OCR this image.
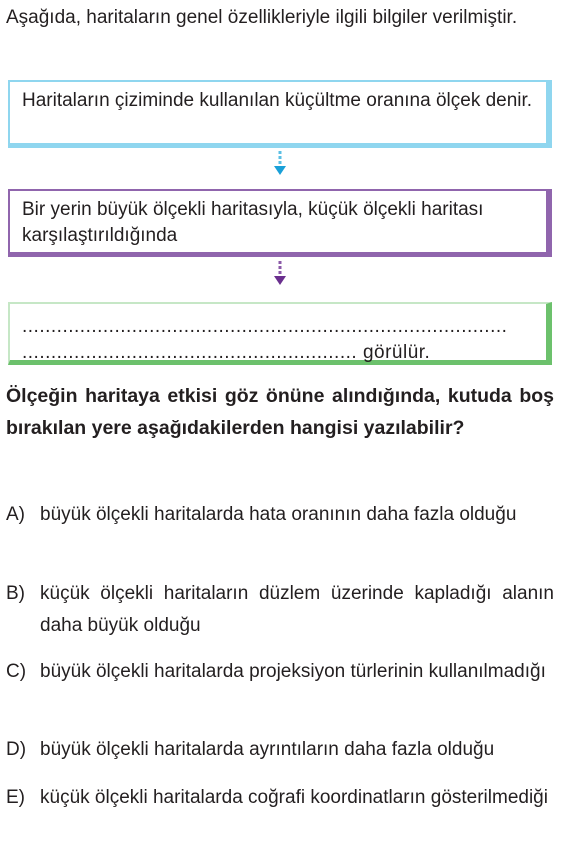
Aşağıda, haritaların genel özellikleriyle ilgili bilgiler verilmiştir.
Haritaların çiziminde kullanılan küçültme oranına ölçek denir.
Bir yerin büyük ölçekli haritasıyla, küçük ölçekli haritası karşılaştırıldığında
....................................................................................
.......................................................... görülür.
Ölçeğin haritaya etkisi göz önüne alındığında, kutuda boş bırakılan yere aşağıdakilerden hangisi yazılabilir?
A) büyük ölçekli haritalarda hata oranının daha fazla olduğu
B) küçük ölçekli haritaların düzlem üzerinde kapladığı alanın daha büyük olduğu
C) büyük ölçekli haritalarda projeksiyon türlerinin kullanılmadığı
D) büyük ölçekli haritalarda ayrıntıların daha fazla olduğu
E) küçük ölçekli haritalarda coğrafi koordinatların gösterilmediği
